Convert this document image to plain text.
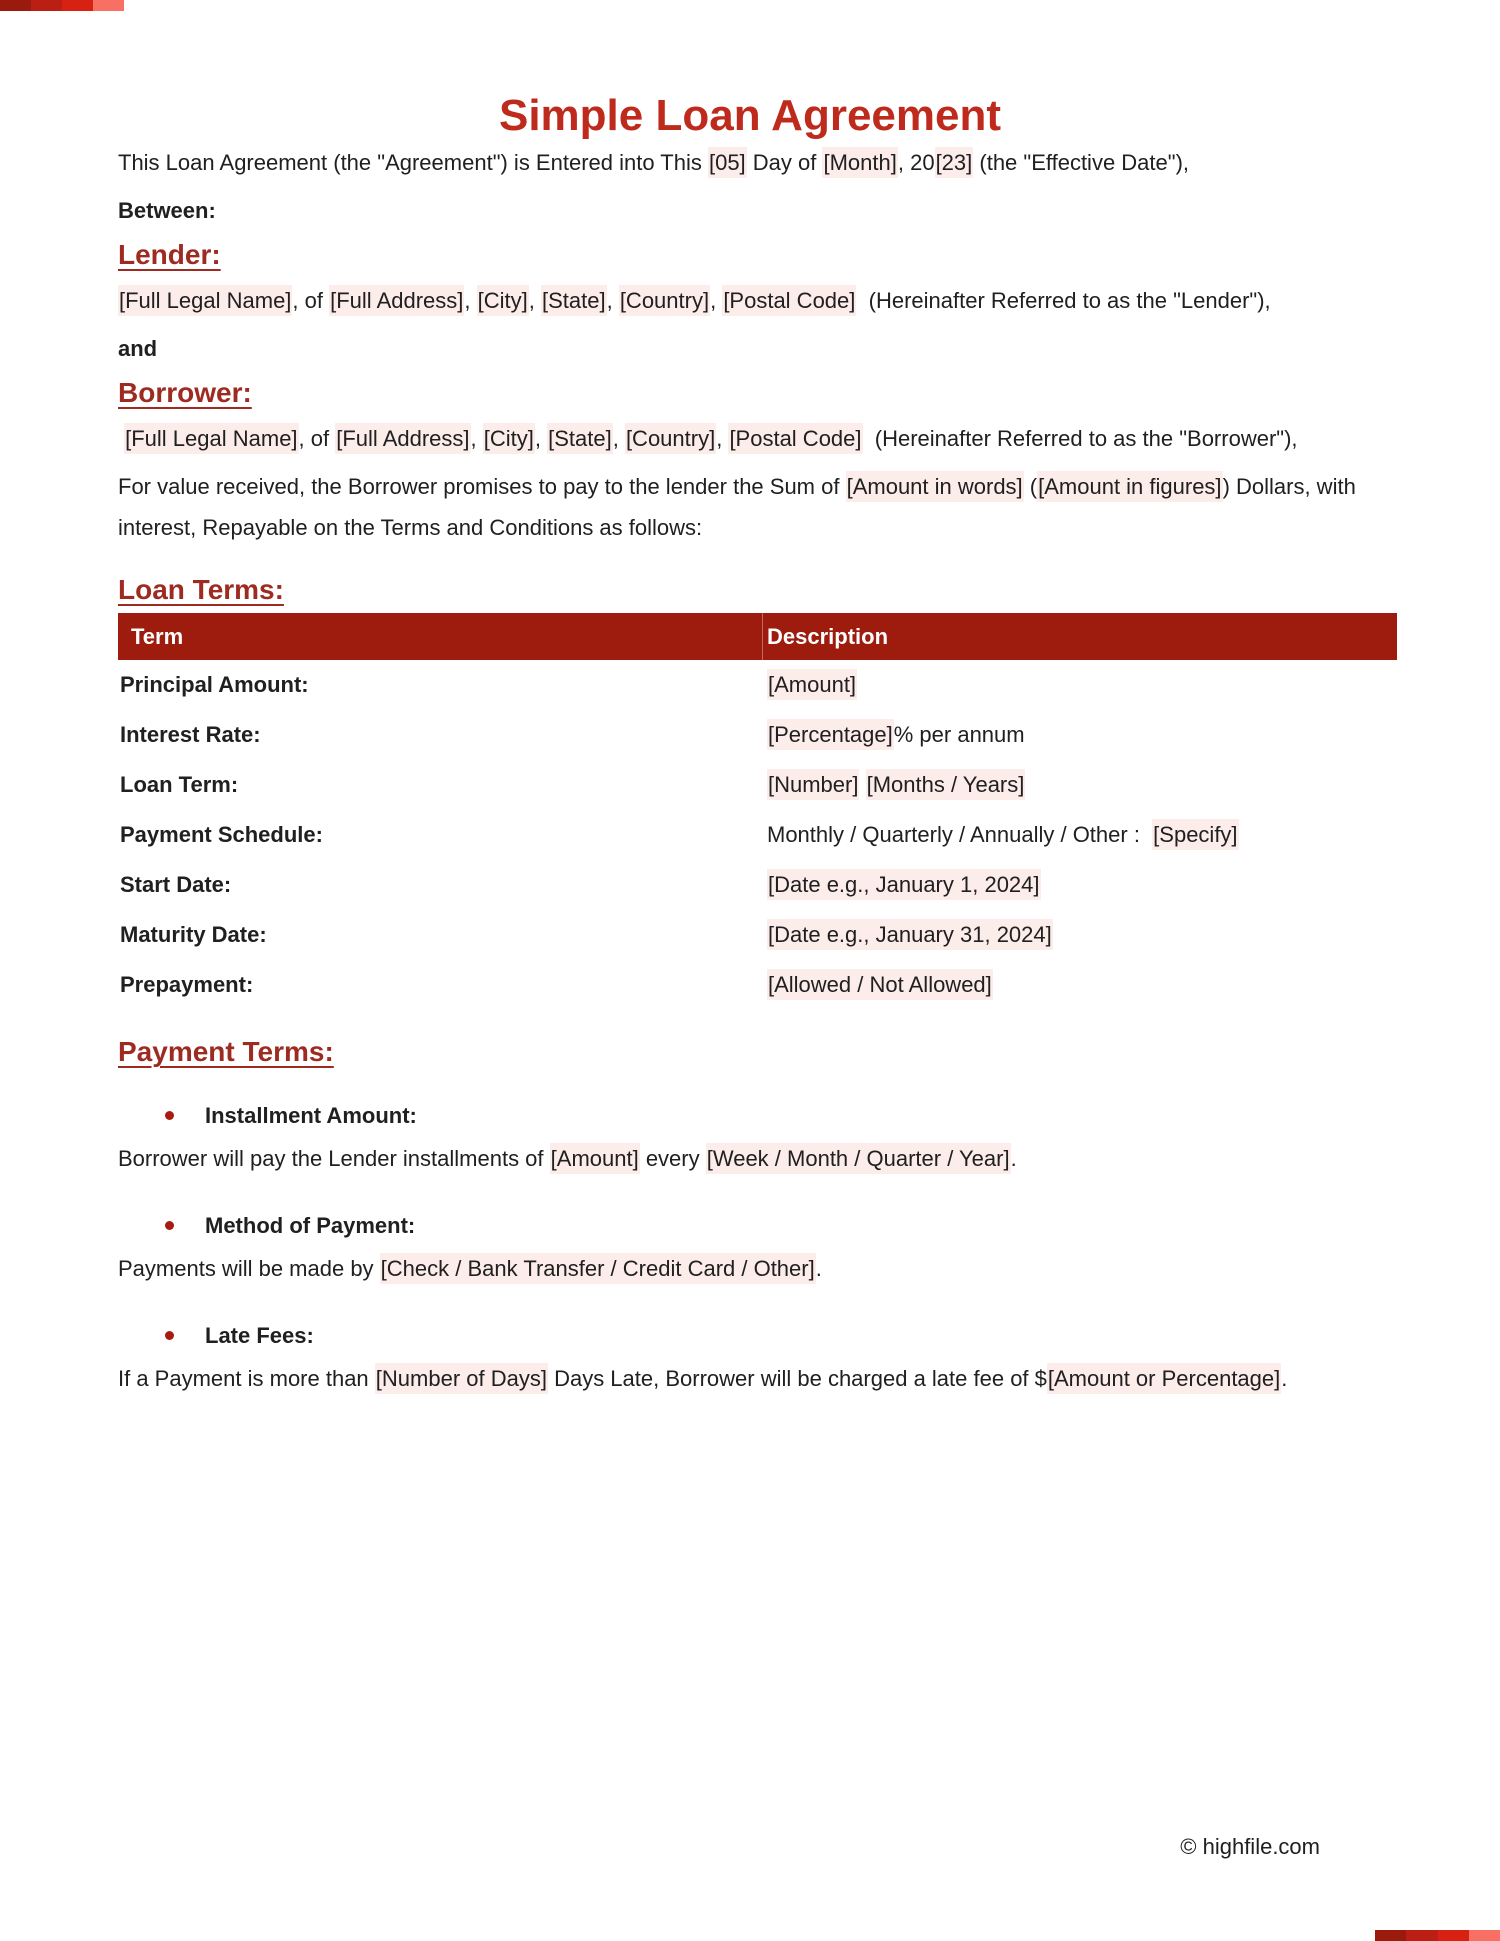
Simple Loan Agreement

This Loan Agreement (the "Agreement") is Entered into This [05] Day of [Month], 20[23] (the "Effective Date"),

Between:

Lender:

[Full Legal Name], of [Full Address], [City], [State], [Country], [Postal Code]  (Hereinafter Referred to as the "Lender"),

and

Borrower:

[Full Legal Name], of [Full Address], [City], [State], [Country], [Postal Code]  (Hereinafter Referred to as the "Borrower"),

For value received, the Borrower promises to pay to the lender the Sum of [Amount in words] ([Amount in figures]) Dollars, with interest, Repayable on the Terms and Conditions as follows:

Loan Terms:
Term	Description
Principal Amount:	[Amount]
Interest Rate:	[Percentage]% per annum
Loan Term:	[Number] [Months / Years]
Payment Schedule:	Monthly / Quarterly / Annually / Other :  [Specify]
Start Date:	[Date e.g., January 1, 2024]
Maturity Date:	[Date e.g., January 31, 2024]
Prepayment:	[Allowed / Not Allowed]
Payment Terms:
Installment Amount:

Borrower will pay the Lender installments of [Amount] every [Week / Month / Quarter / Year].

Method of Payment:

Payments will be made by [Check / Bank Transfer / Credit Card / Other].

Late Fees:

If a Payment is more than [Number of Days] Days Late, Borrower will be charged a late fee of $[Amount or Percentage].

© highfile.com
